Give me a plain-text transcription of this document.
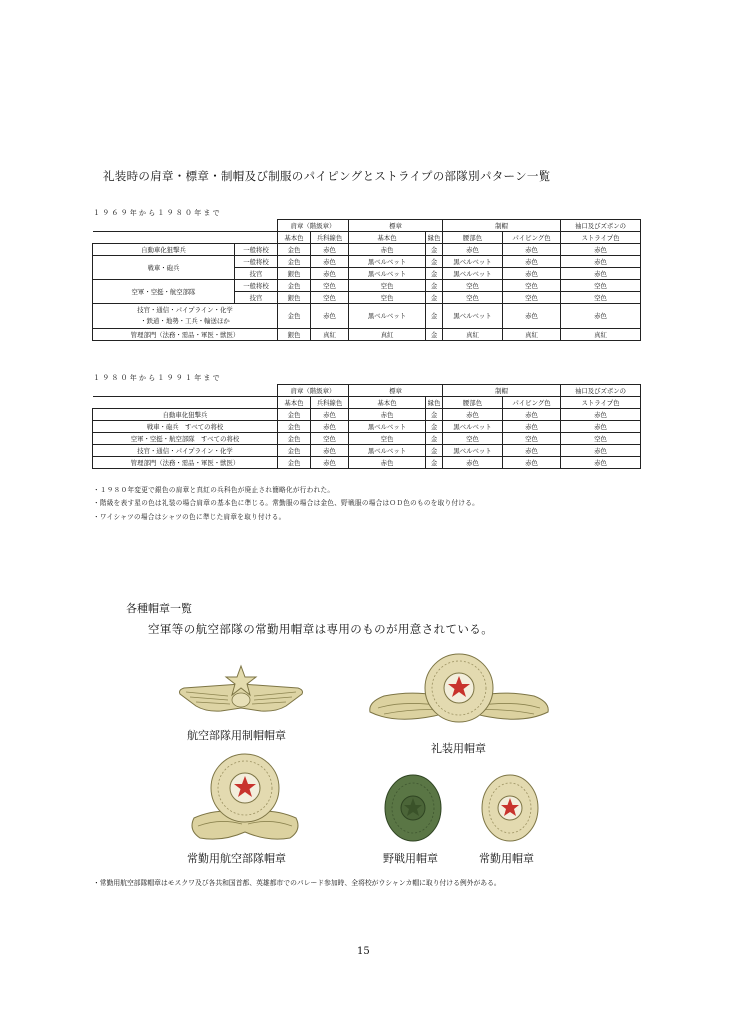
礼装時の肩章・標章・制帽及び制服のパイピングとストライプの部隊別パターン一覧
１９６９年から１９８０年まで
		肩章（階級章）		標章		制帽		袖口及びズボンの
		基本色	兵科線色	基本色	縁色	腰部色	パイピング色	ストライプ色
自動車化狙撃兵	一般将校	金色	赤色	赤色	金	赤色	赤色	赤色
戦車・砲兵	一般将校	金色	赤色	黒ベルベット	金	黒ベルベット	赤色	赤色
	技官	銀色	赤色	黒ベルベット	金	黒ベルベット	赤色	赤色
空軍・空挺・航空部隊	一般将校	金色	空色	空色	金	空色	空色	空色
	技官	銀色	空色	空色	金	空色	空色	空色

技官・通信・パイプライン・化学
・鉄道・地勢・工兵・輸送ほか		金色	赤色	黒ベルベット	金	黒ベルベット	赤色	赤色
管理部門（法務・需品・軍医・獣医）		銀色	真紅	真紅	金	真紅	真紅	真紅
１９８０年から１９９１年まで
	肩章（階級章）		標章		制帽		袖口及びズボンの
	基本色	兵科線色	基本色	縁色	腰部色	パイピング色	ストライプ色
自動車化狙撃兵	金色	赤色	赤色	金	赤色	赤色	赤色
戦車・砲兵　すべての将校	金色	赤色	黒ベルベット	金	黒ベルベット	赤色	赤色
空軍・空挺・航空部隊　すべての将校	金色	空色	空色	金	空色	空色	空色
技官・通信・パイプライン・化学	金色	赤色	黒ベルベット	金	黒ベルベット	赤色	赤色
管理部門（法務・需品・軍医・獣医）	金色	赤色	赤色	金	赤色	赤色	赤色
・１９８０年変更で銀色の肩章と真紅の兵科色が廃止され簡略化が行われた。
・階級を表す星の色は礼装の場合肩章の基本色に準じる。常勤服の場合は金色、野戦服の場合はＯＤ色のものを取り付ける。
・ワイシャツの場合はシャツの色に準じた肩章を取り付ける。
各種帽章一覧
空軍等の航空部隊の常勤用帽章は専用のものが用意されている。
航空部隊用制帽帽章
礼装用帽章
常勤用航空部隊帽章	野戦用帽章	常勤用帽章
・常勤用航空部隊帽章はモスクワ及び各共和国首都、英雄都市でのパレード参加時、全将校がウシャンカ帽に取り付ける例外がある。
15
